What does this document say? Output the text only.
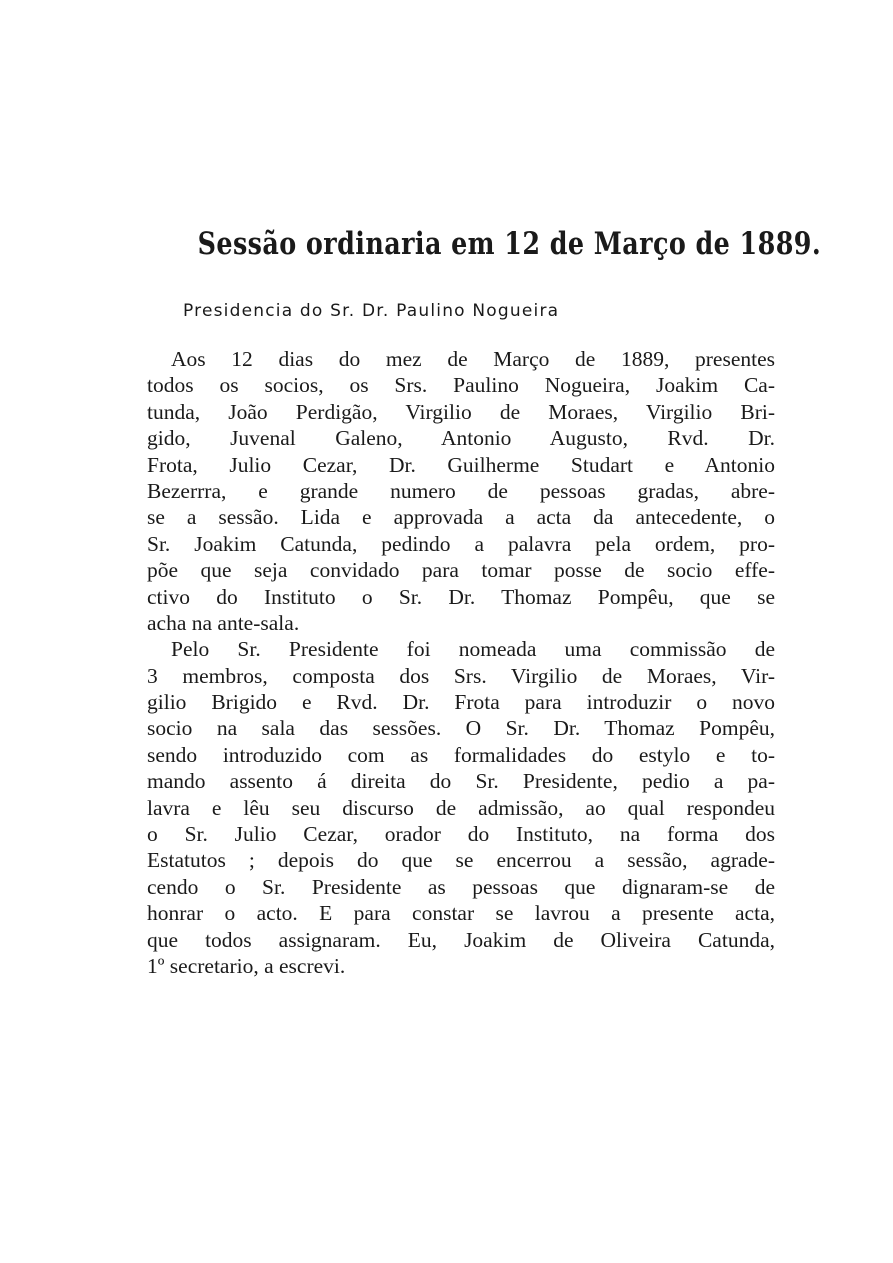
Sessão ordinaria em 12 de Março de 1889.
Presidencia do Sr. Dr. Paulino Nogueira
Aos 12 dias do mez de Março de 1889, presentes
todos os socios, os Srs. Paulino Nogueira, Joakim Ca-
tunda, João Perdigão, Virgilio de Moraes, Virgilio Bri-
gido, Juvenal Galeno, Antonio Augusto, Rvd. Dr.
Frota, Julio Cezar, Dr. Guilherme Studart e Antonio
Bezerrra, e grande numero de pessoas gradas, abre-
se a sessão. Lida e approvada a acta da antecedente, o
Sr. Joakim Catunda, pedindo a palavra pela ordem, pro-
põe que seja convidado para tomar posse de socio effe-
ctivo do Instituto o Sr. Dr. Thomaz Pompêu, que se
acha na ante-sala.
Pelo Sr. Presidente foi nomeada uma commissão de
3 membros, composta dos Srs. Virgilio de Moraes, Vir-
gilio Brigido e Rvd. Dr. Frota para introduzir o novo
socio na sala das sessões. O Sr. Dr. Thomaz Pompêu,
sendo introduzido com as formalidades do estylo e to-
mando assento á direita do Sr. Presidente, pedio a pa-
lavra e lêu seu discurso de admissão, ao qual respondeu
o Sr. Julio Cezar, orador do Instituto, na forma dos
Estatutos ; depois do que se encerrou a sessão, agrade-
cendo o Sr. Presidente as pessoas que dignaram-se de
honrar o acto. E para constar se lavrou a presente acta,
que todos assignaram. Eu, Joakim de Oliveira Catunda,
1º secretario, a escrevi.
